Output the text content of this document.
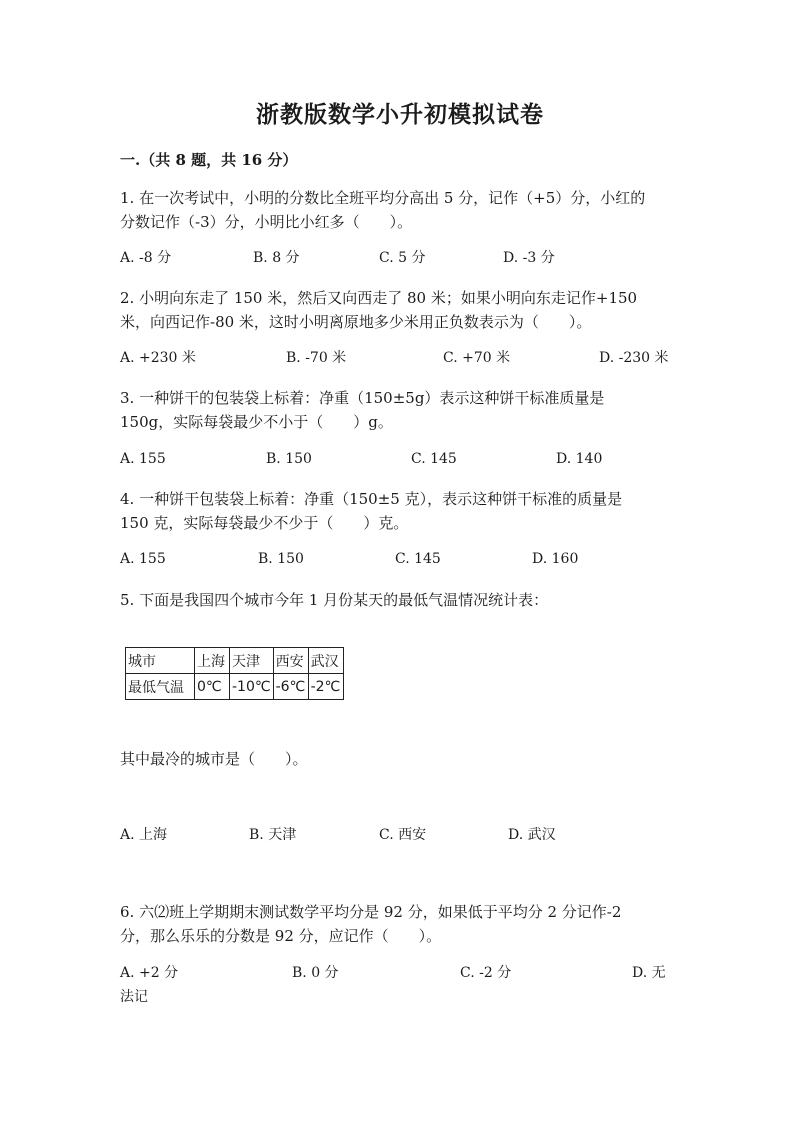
浙教版数学小升初模拟试卷
一.（共 8 题，共 16 分）
1. 在一次考试中，小明的分数比全班平均分高出 5 分，记作（+5）分，小红的
分数记作（-3）分，小明比小红多（　　）。
A. -8 分	B. 8 分	C. 5 分	D. -3 分
2. 小明向东走了 150 米，然后又向西走了 80 米；如果小明向东走记作+150
米，向西记作-80 米，这时小明离原地多少米用正负数表示为（　　）。
A. +230 米	B. -70 米	C. +70 米	D. -230 米
3. 一种饼干的包装袋上标着：净重（150±5g）表示这种饼干标准质量是
150g，实际每袋最少不小于（　　）g。
A. 155	B. 150	C. 145	D. 140
4. 一种饼干包装袋上标着：净重（150±5 克），表示这种饼干标准的质量是
150 克，实际每袋最少不少于（　　）克。
A. 155	B. 150	C. 145	D. 160
5. 下面是我国四个城市今年 1 月份某天的最低气温情况统计表：
城市	上海	天津	西安	武汉
最低气温	0℃	-10℃	-6℃	-2℃
其中最冷的城市是（　　）。
A. 上海	B. 天津	C. 西安	D. 武汉
6. 六⑵班上学期期末测试数学平均分是 92 分，如果低于平均分 2 分记作-2
分，那么乐乐的分数是 92 分，应记作（　　）。
A. +2 分	B. 0 分	C. -2 分	D. 无
法记
